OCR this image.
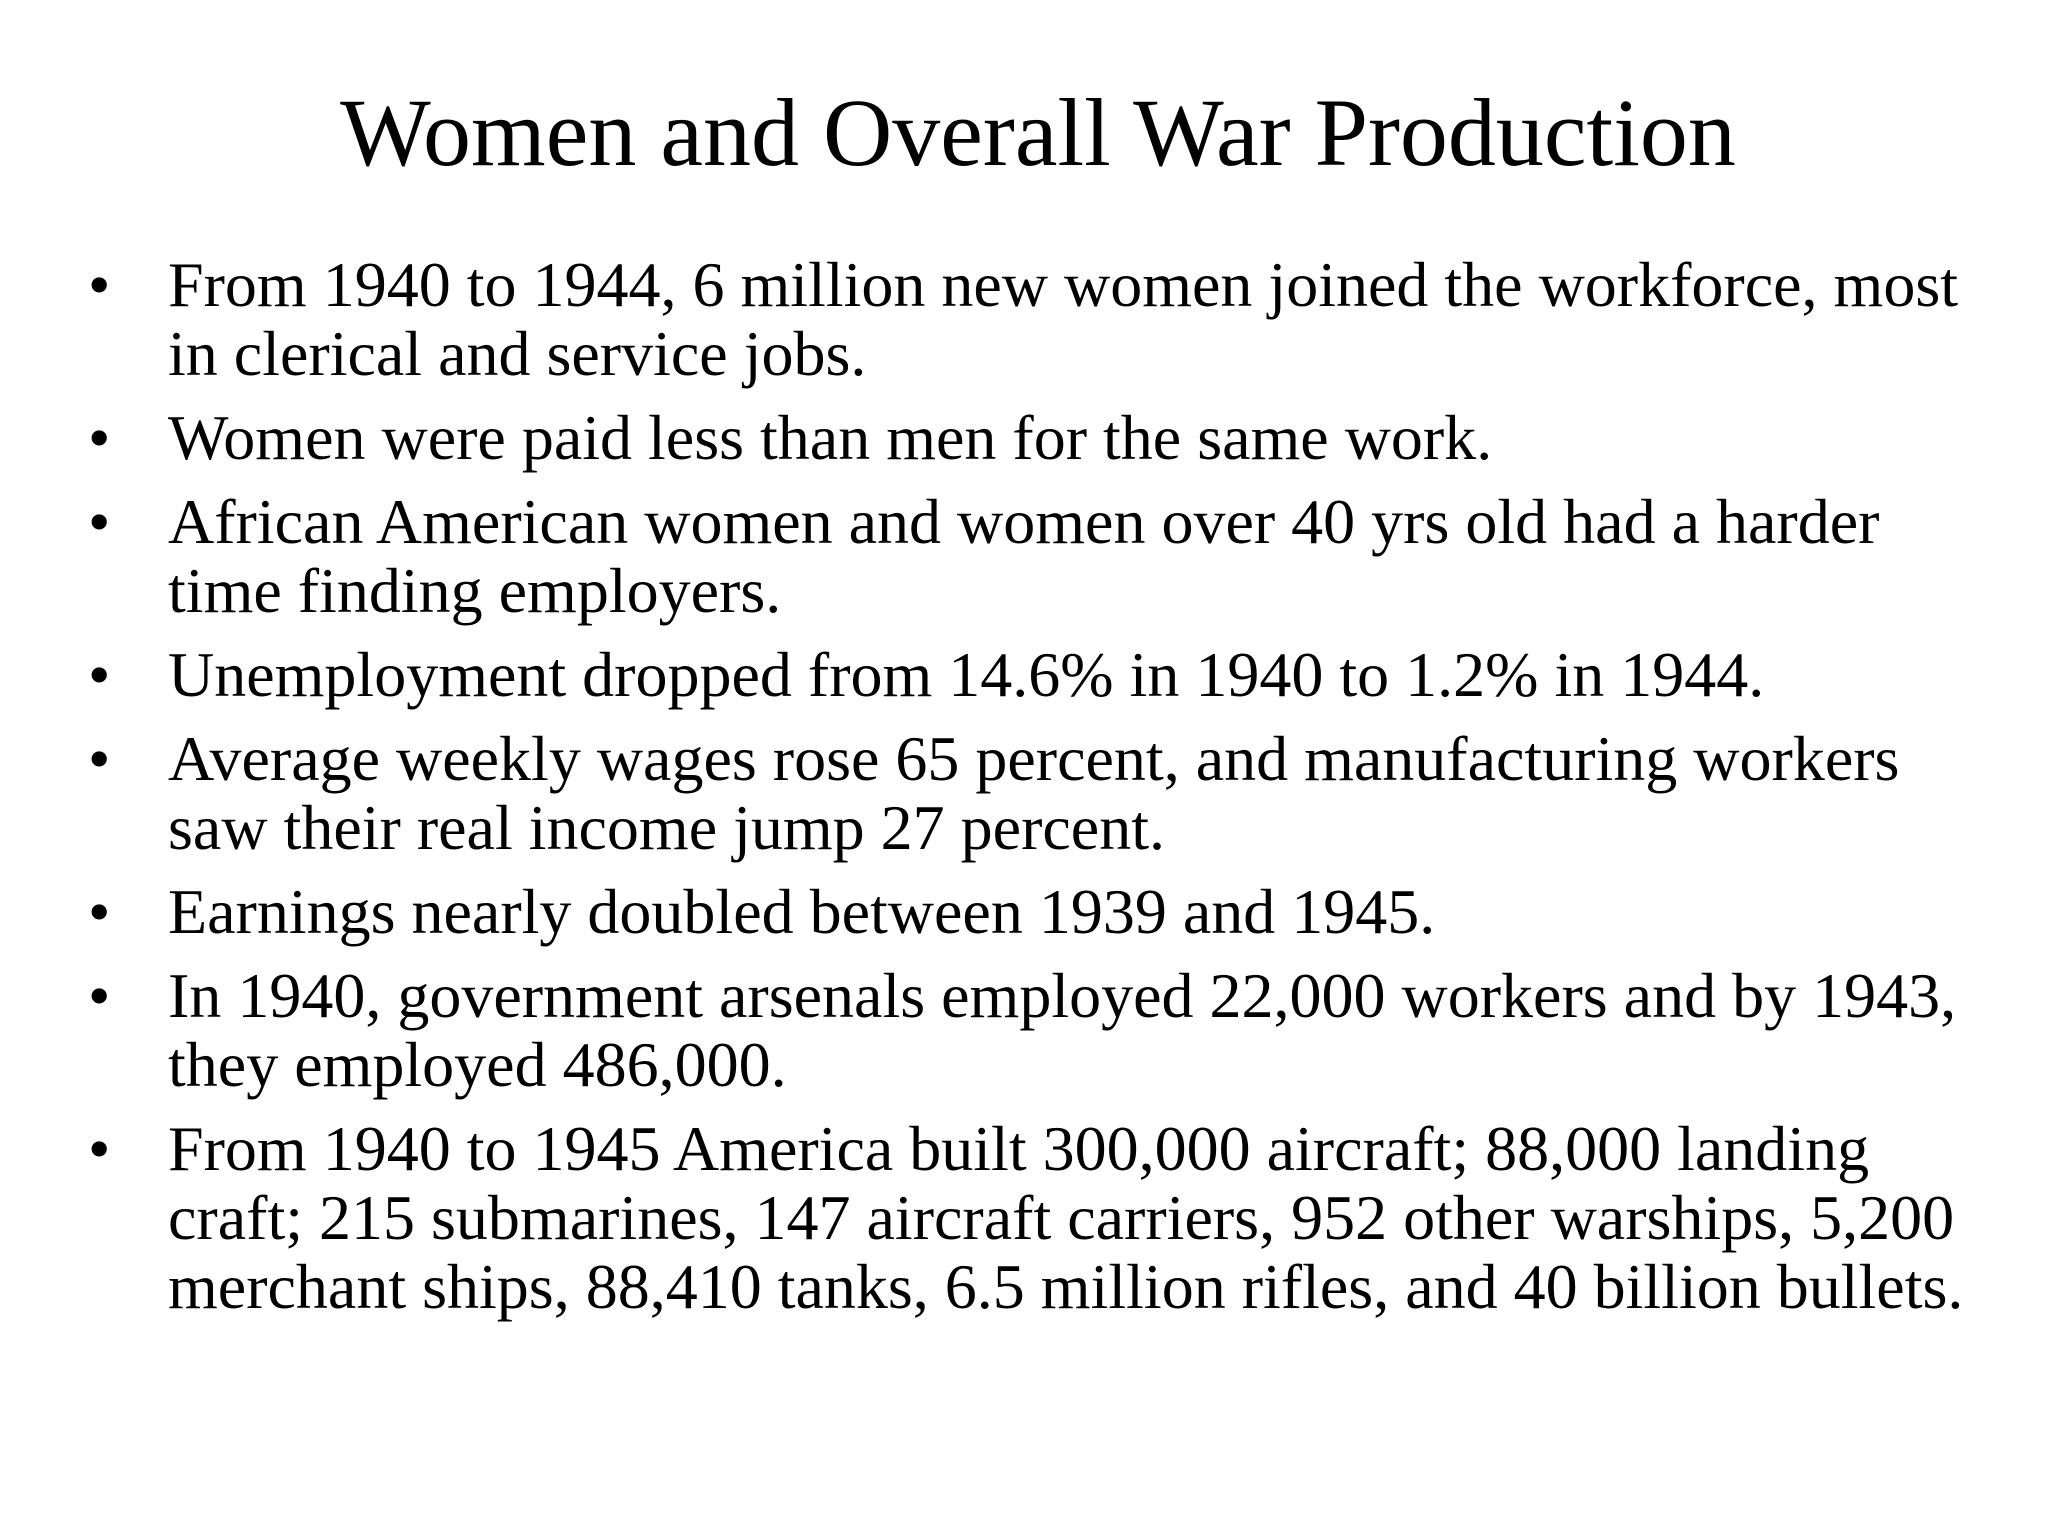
Women and Overall War Production
• From 1940 to 1944, 6 million new women joined the workforce, most in clerical and service jobs.
• Women were paid less than men for the same work.
• African American women and women over 40 yrs old had a harder time finding employers.
• Unemployment dropped from 14.6% in 1940 to 1.2% in 1944.
• Average weekly wages rose 65 percent, and manufacturing workers saw their real income jump 27 percent.
• Earnings nearly doubled between 1939 and 1945.
• In 1940, government arsenals employed 22,000 workers and by 1943, they employed 486,000.
• From 1940 to 1945 America built 300,000 aircraft; 88,000 landing craft; 215 submarines, 147 aircraft carriers, 952 other warships, 5,200 merchant ships, 88,410 tanks, 6.5 million rifles, and 40 billion bullets.
